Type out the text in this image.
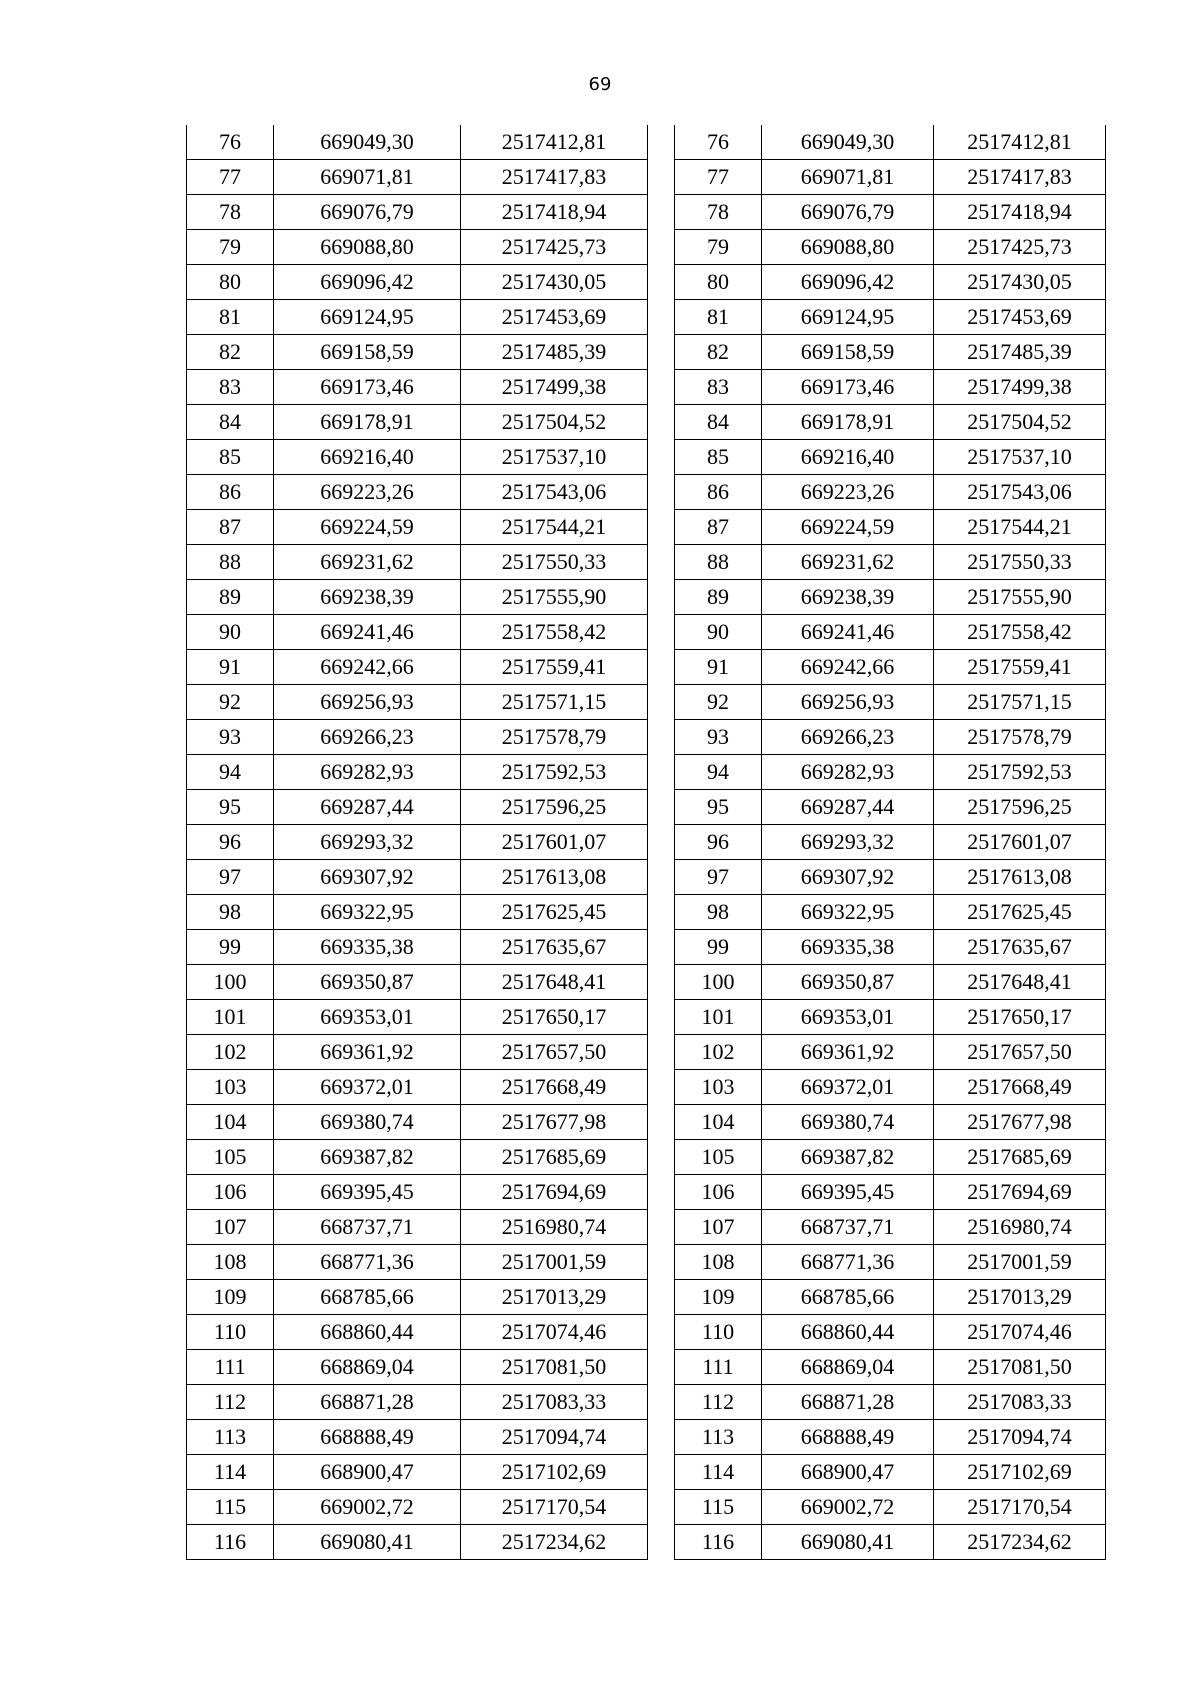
69
76	669049,30	2517412,81
77	669071,81	2517417,83
78	669076,79	2517418,94
79	669088,80	2517425,73
80	669096,42	2517430,05
81	669124,95	2517453,69
82	669158,59	2517485,39
83	669173,46	2517499,38
84	669178,91	2517504,52
85	669216,40	2517537,10
86	669223,26	2517543,06
87	669224,59	2517544,21
88	669231,62	2517550,33
89	669238,39	2517555,90
90	669241,46	2517558,42
91	669242,66	2517559,41
92	669256,93	2517571,15
93	669266,23	2517578,79
94	669282,93	2517592,53
95	669287,44	2517596,25
96	669293,32	2517601,07
97	669307,92	2517613,08
98	669322,95	2517625,45
99	669335,38	2517635,67
100	669350,87	2517648,41
101	669353,01	2517650,17
102	669361,92	2517657,50
103	669372,01	2517668,49
104	669380,74	2517677,98
105	669387,82	2517685,69
106	669395,45	2517694,69
107	668737,71	2516980,74
108	668771,36	2517001,59
109	668785,66	2517013,29
110	668860,44	2517074,46
111	668869,04	2517081,50
112	668871,28	2517083,33
113	668888,49	2517094,74
114	668900,47	2517102,69
115	669002,72	2517170,54
116	669080,41	2517234,62
76	669049,30	2517412,81
77	669071,81	2517417,83
78	669076,79	2517418,94
79	669088,80	2517425,73
80	669096,42	2517430,05
81	669124,95	2517453,69
82	669158,59	2517485,39
83	669173,46	2517499,38
84	669178,91	2517504,52
85	669216,40	2517537,10
86	669223,26	2517543,06
87	669224,59	2517544,21
88	669231,62	2517550,33
89	669238,39	2517555,90
90	669241,46	2517558,42
91	669242,66	2517559,41
92	669256,93	2517571,15
93	669266,23	2517578,79
94	669282,93	2517592,53
95	669287,44	2517596,25
96	669293,32	2517601,07
97	669307,92	2517613,08
98	669322,95	2517625,45
99	669335,38	2517635,67
100	669350,87	2517648,41
101	669353,01	2517650,17
102	669361,92	2517657,50
103	669372,01	2517668,49
104	669380,74	2517677,98
105	669387,82	2517685,69
106	669395,45	2517694,69
107	668737,71	2516980,74
108	668771,36	2517001,59
109	668785,66	2517013,29
110	668860,44	2517074,46
111	668869,04	2517081,50
112	668871,28	2517083,33
113	668888,49	2517094,74
114	668900,47	2517102,69
115	669002,72	2517170,54
116	669080,41	2517234,62
